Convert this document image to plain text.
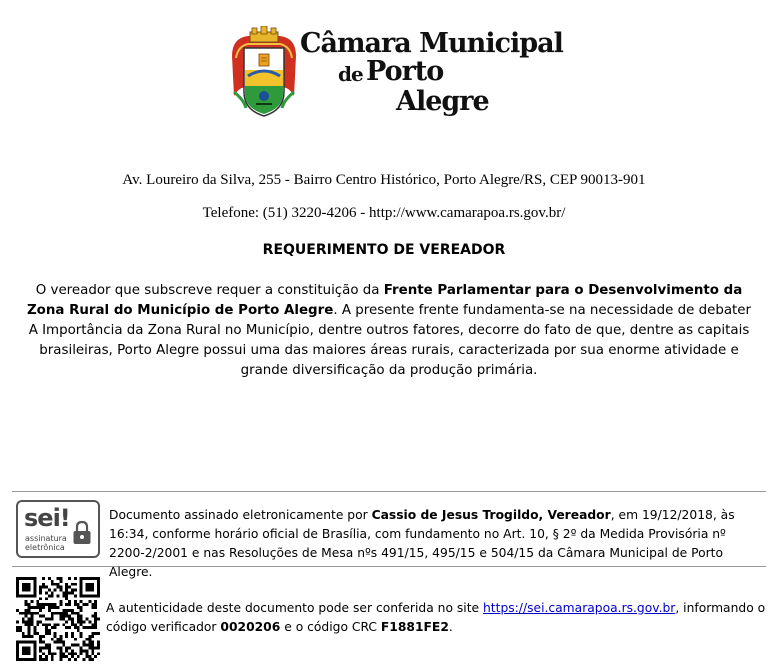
Câmara Municipal
de Porto
Alegre
Av. Loureiro da Silva, 255 - Bairro Centro Histórico, Porto Alegre/RS, CEP 90013-901
Telefone: (51) 3220-4206 - http://www.camarapoa.rs.gov.br/
REQUERIMENTO DE VEREADOR
O vereador que subscreve requer a constituição da Frente Parlamentar para o Desenvolvimento da Zona Rural do Município de Porto Alegre. A presente frente fundamenta-se na necessidade de debater A Importância da Zona Rural no Município, dentre outros fatores, decorre do fato de que, dentre as capitais brasileiras, Porto Alegre possui uma das maiores áreas rurais, caracterizada por sua enorme atividade e grande diversificação da produção primária.
sei!
assinatura
eletrônica
Documento assinado eletronicamente por Cassio de Jesus Trogildo, Vereador, em 19/12/2018, às 16:34, conforme horário oficial de Brasília, com fundamento no Art. 10, § 2º da Medida Provisória nº 2200-2/2001 e nas Resoluções de Mesa nºs 491/15, 495/15 e 504/15 da Câmara Municipal de Porto Alegre.
A autenticidade deste documento pode ser conferida no site https://sei.camarapoa.rs.gov.br, informando o código verificador 0020206 e o código CRC F1881FE2.
